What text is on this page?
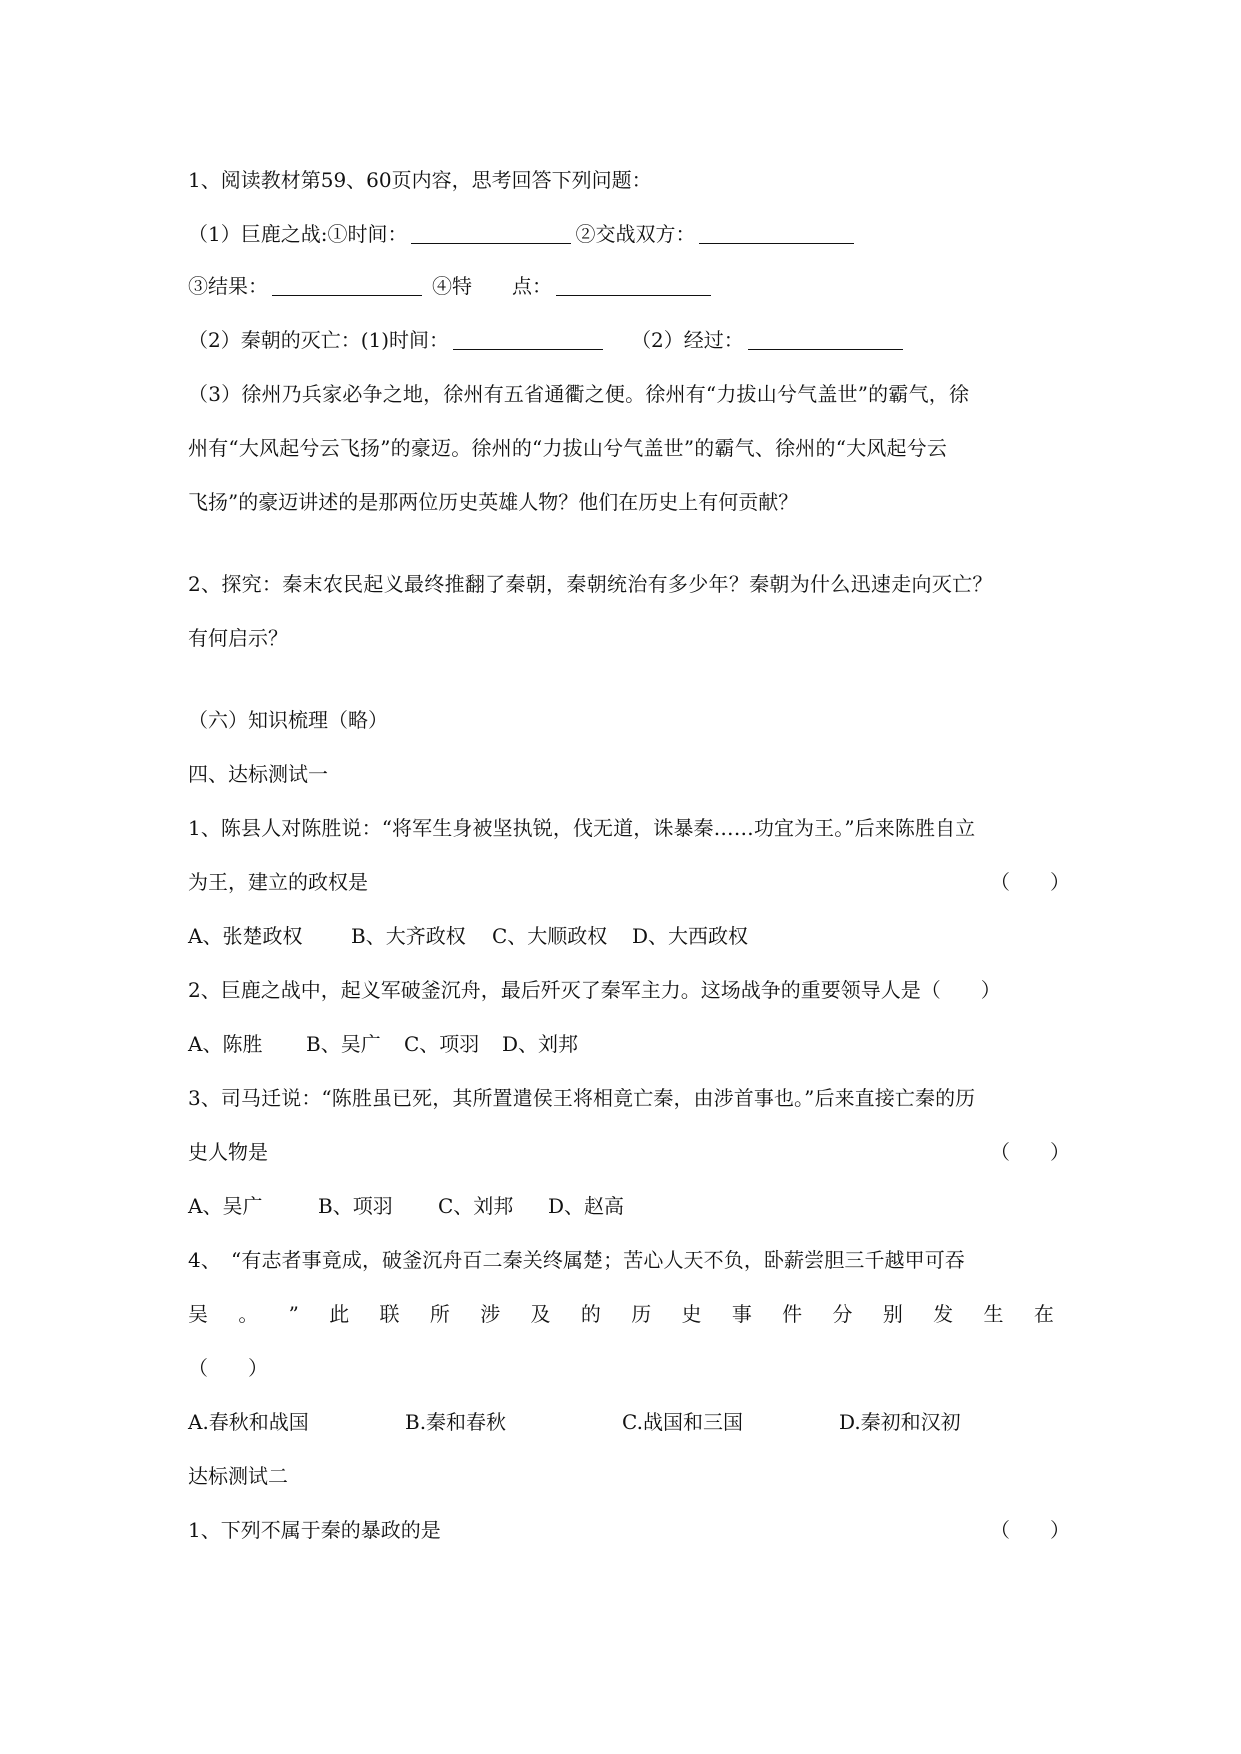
1、阅读教材第59、60页内容，思考回答下列问题：
（1）巨鹿之战:①时间：	②交战双方：
③结果：	④特　　点：
（2）秦朝的灭亡：(1)时间：	（2）经过：
（3）徐州乃兵家必争之地，徐州有五省通衢之便。徐州有“力拔山兮气盖世”的霸气，徐
州有“大风起兮云飞扬”的豪迈。徐州的“力拔山兮气盖世”的霸气、徐州的“大风起兮云
飞扬”的豪迈讲述的是那两位历史英雄人物？他们在历史上有何贡献？
2、探究：秦末农民起义最终推翻了秦朝，秦朝统治有多少年？秦朝为什么迅速走向灭亡？
有何启示？
（六）知识梳理（略）
四、达标测试一
1、陈县人对陈胜说：“将军生身被坚执锐，伐无道，诛暴秦……功宜为王。”后来陈胜自立
为王，建立的政权是	（　　）
A、张楚政权 B、大齐政权 C、大顺政权 D、大西政权
2、巨鹿之战中，起义军破釜沉舟，最后歼灭了秦军主力。这场战争的重要领导人是（　　）
A、陈胜 B、吴广 C、项羽 D、刘邦
3、司马迁说：“陈胜虽已死，其所置遣侯王将相竟亡秦，由涉首事也。”后来直接亡秦的历
史人物是	（　　）
A、吴广	B、项羽 C、刘邦 D、赵高
4、　“有志者事竟成，破釜沉舟百二秦关终属楚；苦心人天不负，卧薪尝胆三千越甲可吞
吴 。 ” 此 联 所 涉 及 的 历 史 事 件 分 别 发 生 在
（　　）
A.春秋和战国	B.秦和春秋	C.战国和三国	D.秦初和汉初
达标测试二
1、下列不属于秦的暴政的是	（　　）
